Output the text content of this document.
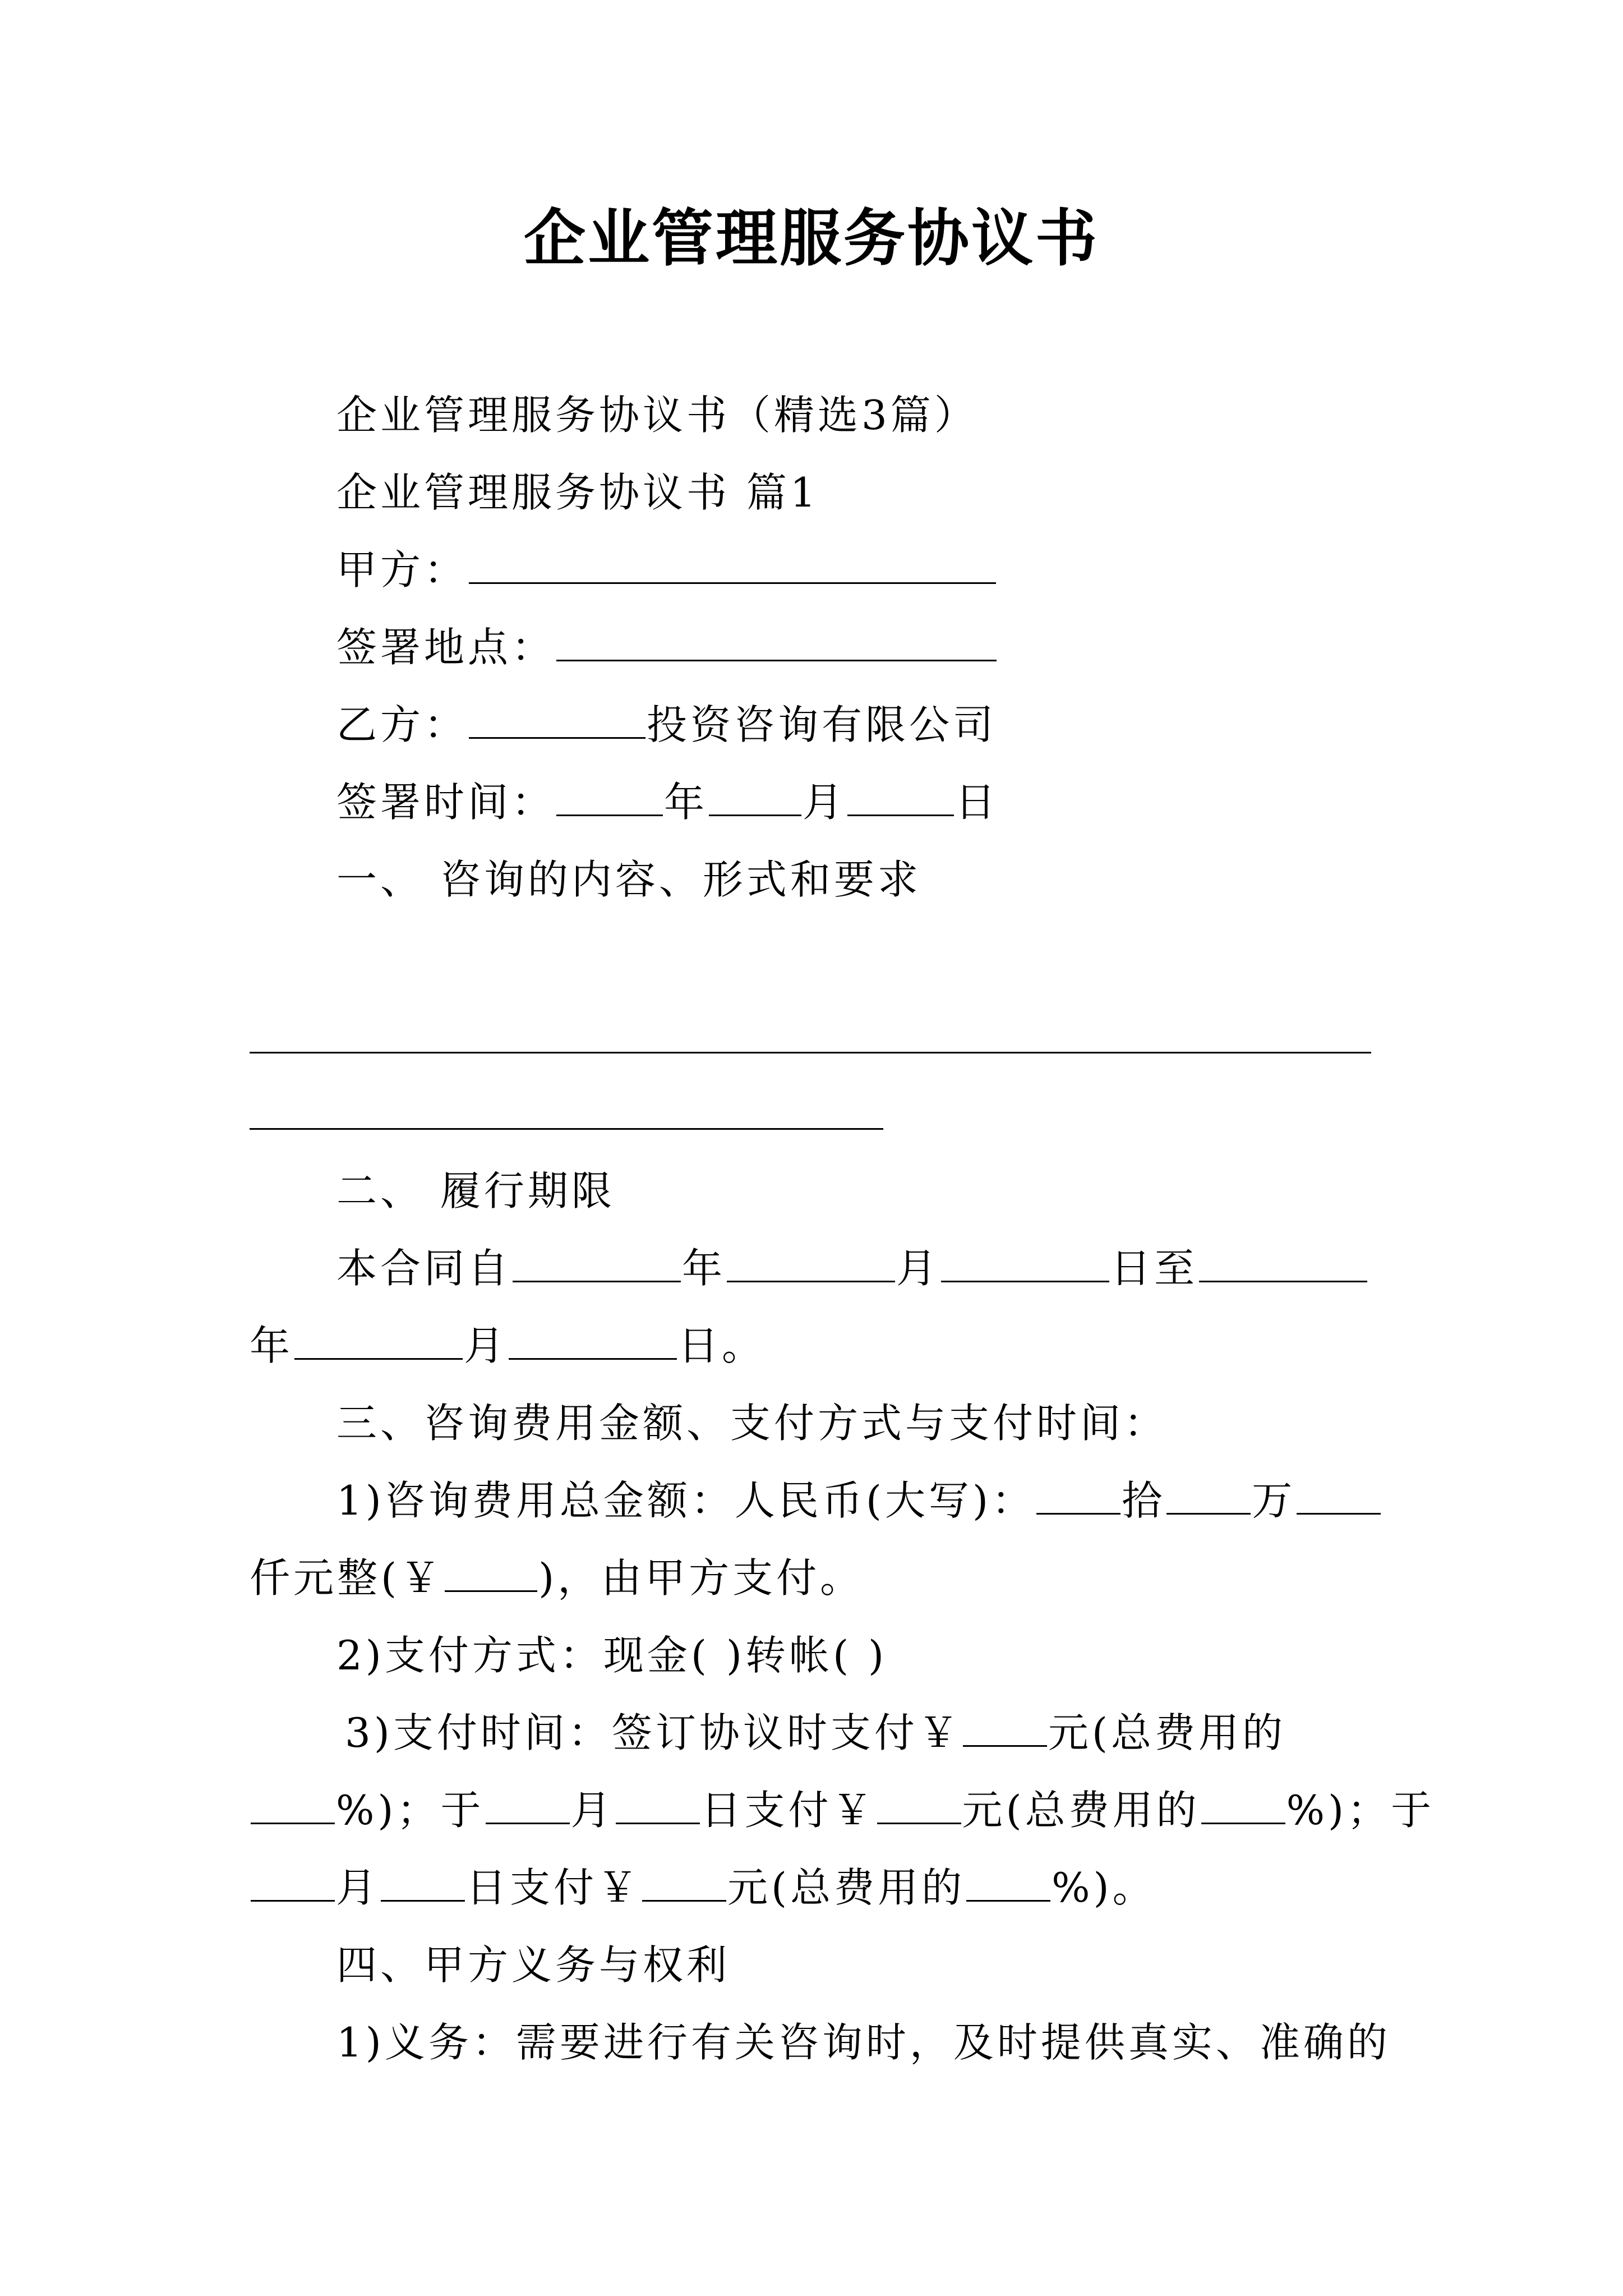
企业管理服务协议书
企业管理服务协议书（精选3篇）
企业管理服务协议书 篇1
甲方：
签署地点：
乙方：	投资咨询有限公司
签署时间：	年 月	日
一、 咨询的内容、形式和要求
二、 履行期限
本合同自	年	月	日至
年	月	日。
三、咨询费用金额、支付方式与支付时间：
1)咨询费用总金额：人民币(大写)： 拾 万
仟元整(￥ )，由甲方支付。
2)支付方式：现金( )转帐( )
3)支付时间：签订协议时支付￥ 元(总费用的
%)；于 月 日支付￥ 元(总费用的 %)；于
月 日支付￥ 元(总费用的 %)。
四、甲方义务与权利
1)义务：需要进行有关咨询时，及时提供真实、准确的
